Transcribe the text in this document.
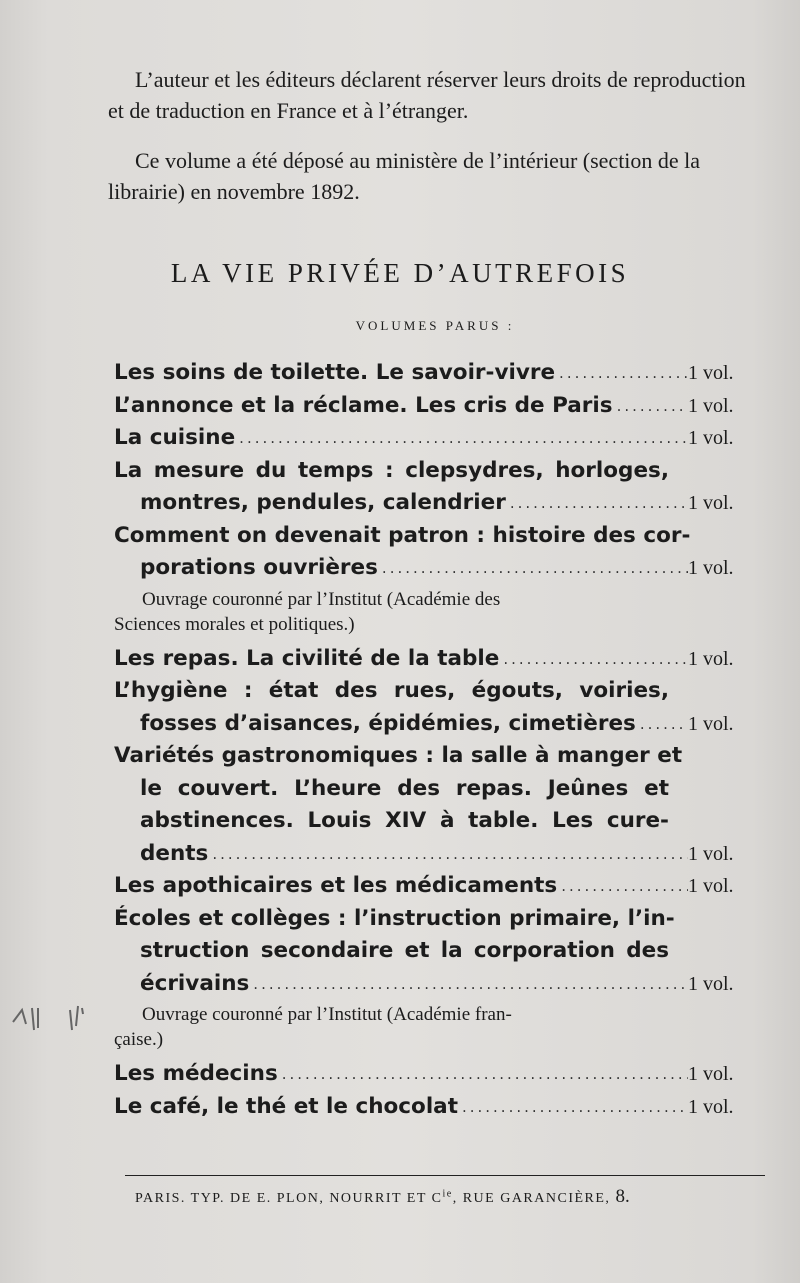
L’auteur et les éditeurs déclarent réserver leurs droits de reproduction et de traduction en France et à l’étranger.

Ce volume a été déposé au ministère de l’intérieur (section de la librairie) en novembre 1892.

LA VIE PRIVÉE D’AUTREFOIS
VOLUMES PARUS :
Les soins de toilette. Le savoir-vivre .....	1 vol.
L’annonce et la réclame. Les cris de Paris .....	1 vol.
La cuisine .....	1 vol.
La mesure du temps : clepsydres, horloges,
montres, pendules, calendrier .....	1 vol.
Comment on devenait patron : histoire des cor-
porations ouvrières .....	1 vol.
Ouvrage couronné par l’Institut (Académie des
Sciences morales et politiques.)
Les repas. La civilité de la table .....	1 vol.
L’hygiène : état des rues, égouts, voiries,
fosses d’aisances, épidémies, cimetières .....	1 vol.
Variétés gastronomiques : la salle à manger et
le couvert. L’heure des repas. Jeûnes et
abstinences. Louis XIV à table. Les cure-
dents .....	1 vol.
Les apothicaires et les médicaments .....	1 vol.
Écoles et collèges : l’instruction primaire, l’in-
struction secondaire et la corporation des
écrivains .....	1 vol.
Ouvrage couronné par l’Institut (Académie fran-
çaise.)
Les médecins .....	1 vol.
Le café, le thé et le chocolat .....	1 vol.
PARIS. TYP. DE E. PLON, NOURRIT ET $C^{ie}$, RUE GARANCIÈRE, 8.
